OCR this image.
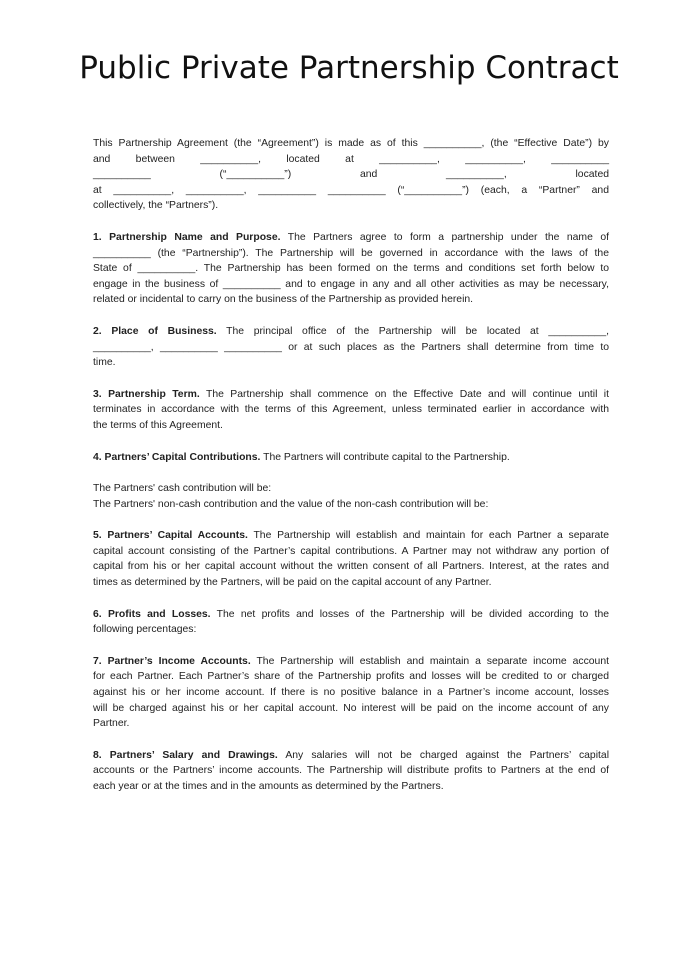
Public Private Partnership Contract
This Partnership Agreement (the “Agreement”) is made as of this __________, (the “Effective Date”) by
and between __________, located at __________, __________, __________
__________ (“__________”) and __________, located
at __________, __________, __________ __________ (“__________”) (each, a “Partner” and
collectively, the “Partners”).
1. Partnership Name and Purpose. The Partners agree to form a partnership under the name of
__________ (the “Partnership”). The Partnership will be governed in accordance with the laws of the
State of __________. The Partnership has been formed on the terms and conditions set forth below to
engage in the business of __________ and to engage in any and all other activities as may be necessary,
related or incidental to carry on the business of the Partnership as provided herein.
2. Place of Business. The principal office of the Partnership will be located at __________,
__________, __________ __________ or at such places as the Partners shall determine from time to
time.
3. Partnership Term. The Partnership shall commence on the Effective Date and will continue until it
terminates in accordance with the terms of this Agreement, unless terminated earlier in accordance with
the terms of this Agreement.
4. Partners’ Capital Contributions. The Partners will contribute capital to the Partnership.
The Partners' cash contribution will be:
The Partners' non-cash contribution and the value of the non-cash contribution will be:
5. Partners’ Capital Accounts. The Partnership will establish and maintain for each Partner a separate
capital account consisting of the Partner’s capital contributions. A Partner may not withdraw any portion of
capital from his or her capital account without the written consent of all Partners. Interest, at the rates and
times as determined by the Partners, will be paid on the capital account of any Partner.
6. Profits and Losses. The net profits and losses of the Partnership will be divided according to the
following percentages:
7. Partner’s Income Accounts. The Partnership will establish and maintain a separate income account
for each Partner. Each Partner’s share of the Partnership profits and losses will be credited to or charged
against his or her income account. If there is no positive balance in a Partner’s income account, losses
will be charged against his or her capital account. No interest will be paid on the income account of any
Partner.
8. Partners’ Salary and Drawings. Any salaries will not be charged against the Partners’ capital
accounts or the Partners’ income accounts. The Partnership will distribute profits to Partners at the end of
each year or at the times and in the amounts as determined by the Partners.
